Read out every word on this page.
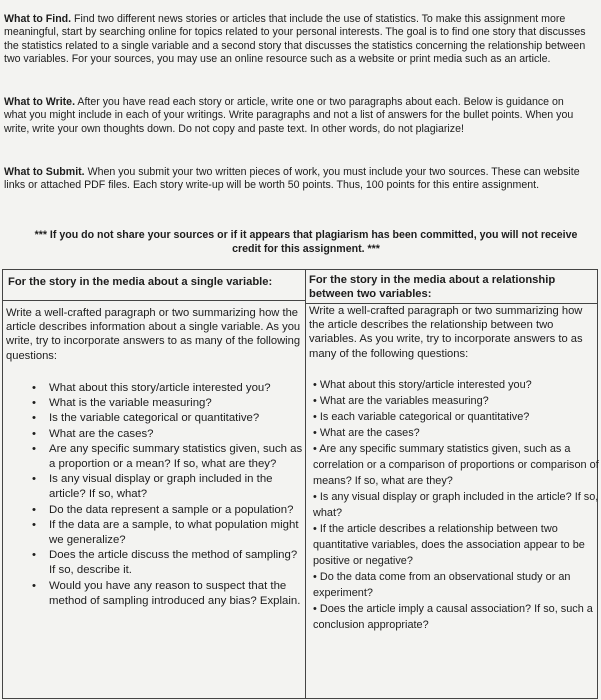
What to Find. Find two different news stories or articles that include the use of statistics. To make this assignment more meaningful, start by searching online for topics related to your personal interests. The goal is to find one story that discusses the statistics related to a single variable and a second story that discusses the statistics concerning the relationship between two variables. For your sources, you may use an online resource such as a website or print media such as an article.

What to Write. After you have read each story or article, write one or two paragraphs about each. Below is guidance on what you might include in each of your writings. Write paragraphs and not a list of answers for the bullet points. When you write, write your own thoughts down. Do not copy and paste text. In other words, do not plagiarize!

What to Submit. When you submit your two written pieces of work, you must include your two sources. These can website links or attached PDF files. Each story write-up will be worth 50 points. Thus, 100 points for this entire assignment.

*** If you do not share your sources or if it appears that plagiarism has been committed, you will not receive credit for this assignment. ***

For the story in the media about a single variable:	For the story in the media about a relationship between two variables:

Write a well-crafted paragraph or two summarizing how the article describes information about a single variable. As you write, try to incorporate answers to as many of the following questions:

Write a well-crafted paragraph or two summarizing how the article describes the relationship between two variables. As you write, try to incorporate answers to as many of the following questions:

• What about this story/article interested you?
• What is the variable measuring?
• Is the variable categorical or quantitative?
• What are the cases?
• Are any specific summary statistics given, such as a proportion or a mean? If so, what are they?
• Is any visual display or graph included in the article? If so, what?
• Do the data represent a sample or a population?
• If the data are a sample, to what population might we generalize?
• Does the article discuss the method of sampling? If so, describe it.
• Would you have any reason to suspect that the method of sampling introduced any bias? Explain.
• What about this story/article interested you?
• What are the variables measuring?
• Is each variable categorical or quantitative?
• What are the cases?
• Are any specific summary statistics given, such as a correlation or a comparison of proportions or comparison of means? If so, what are they?
• Is any visual display or graph included in the article? If so, what?
• If the article describes a relationship between two quantitative variables, does the association appear to be positive or negative?
• Do the data come from an observational study or an experiment?
• Does the article imply a causal association? If so, such a conclusion appropriate?
